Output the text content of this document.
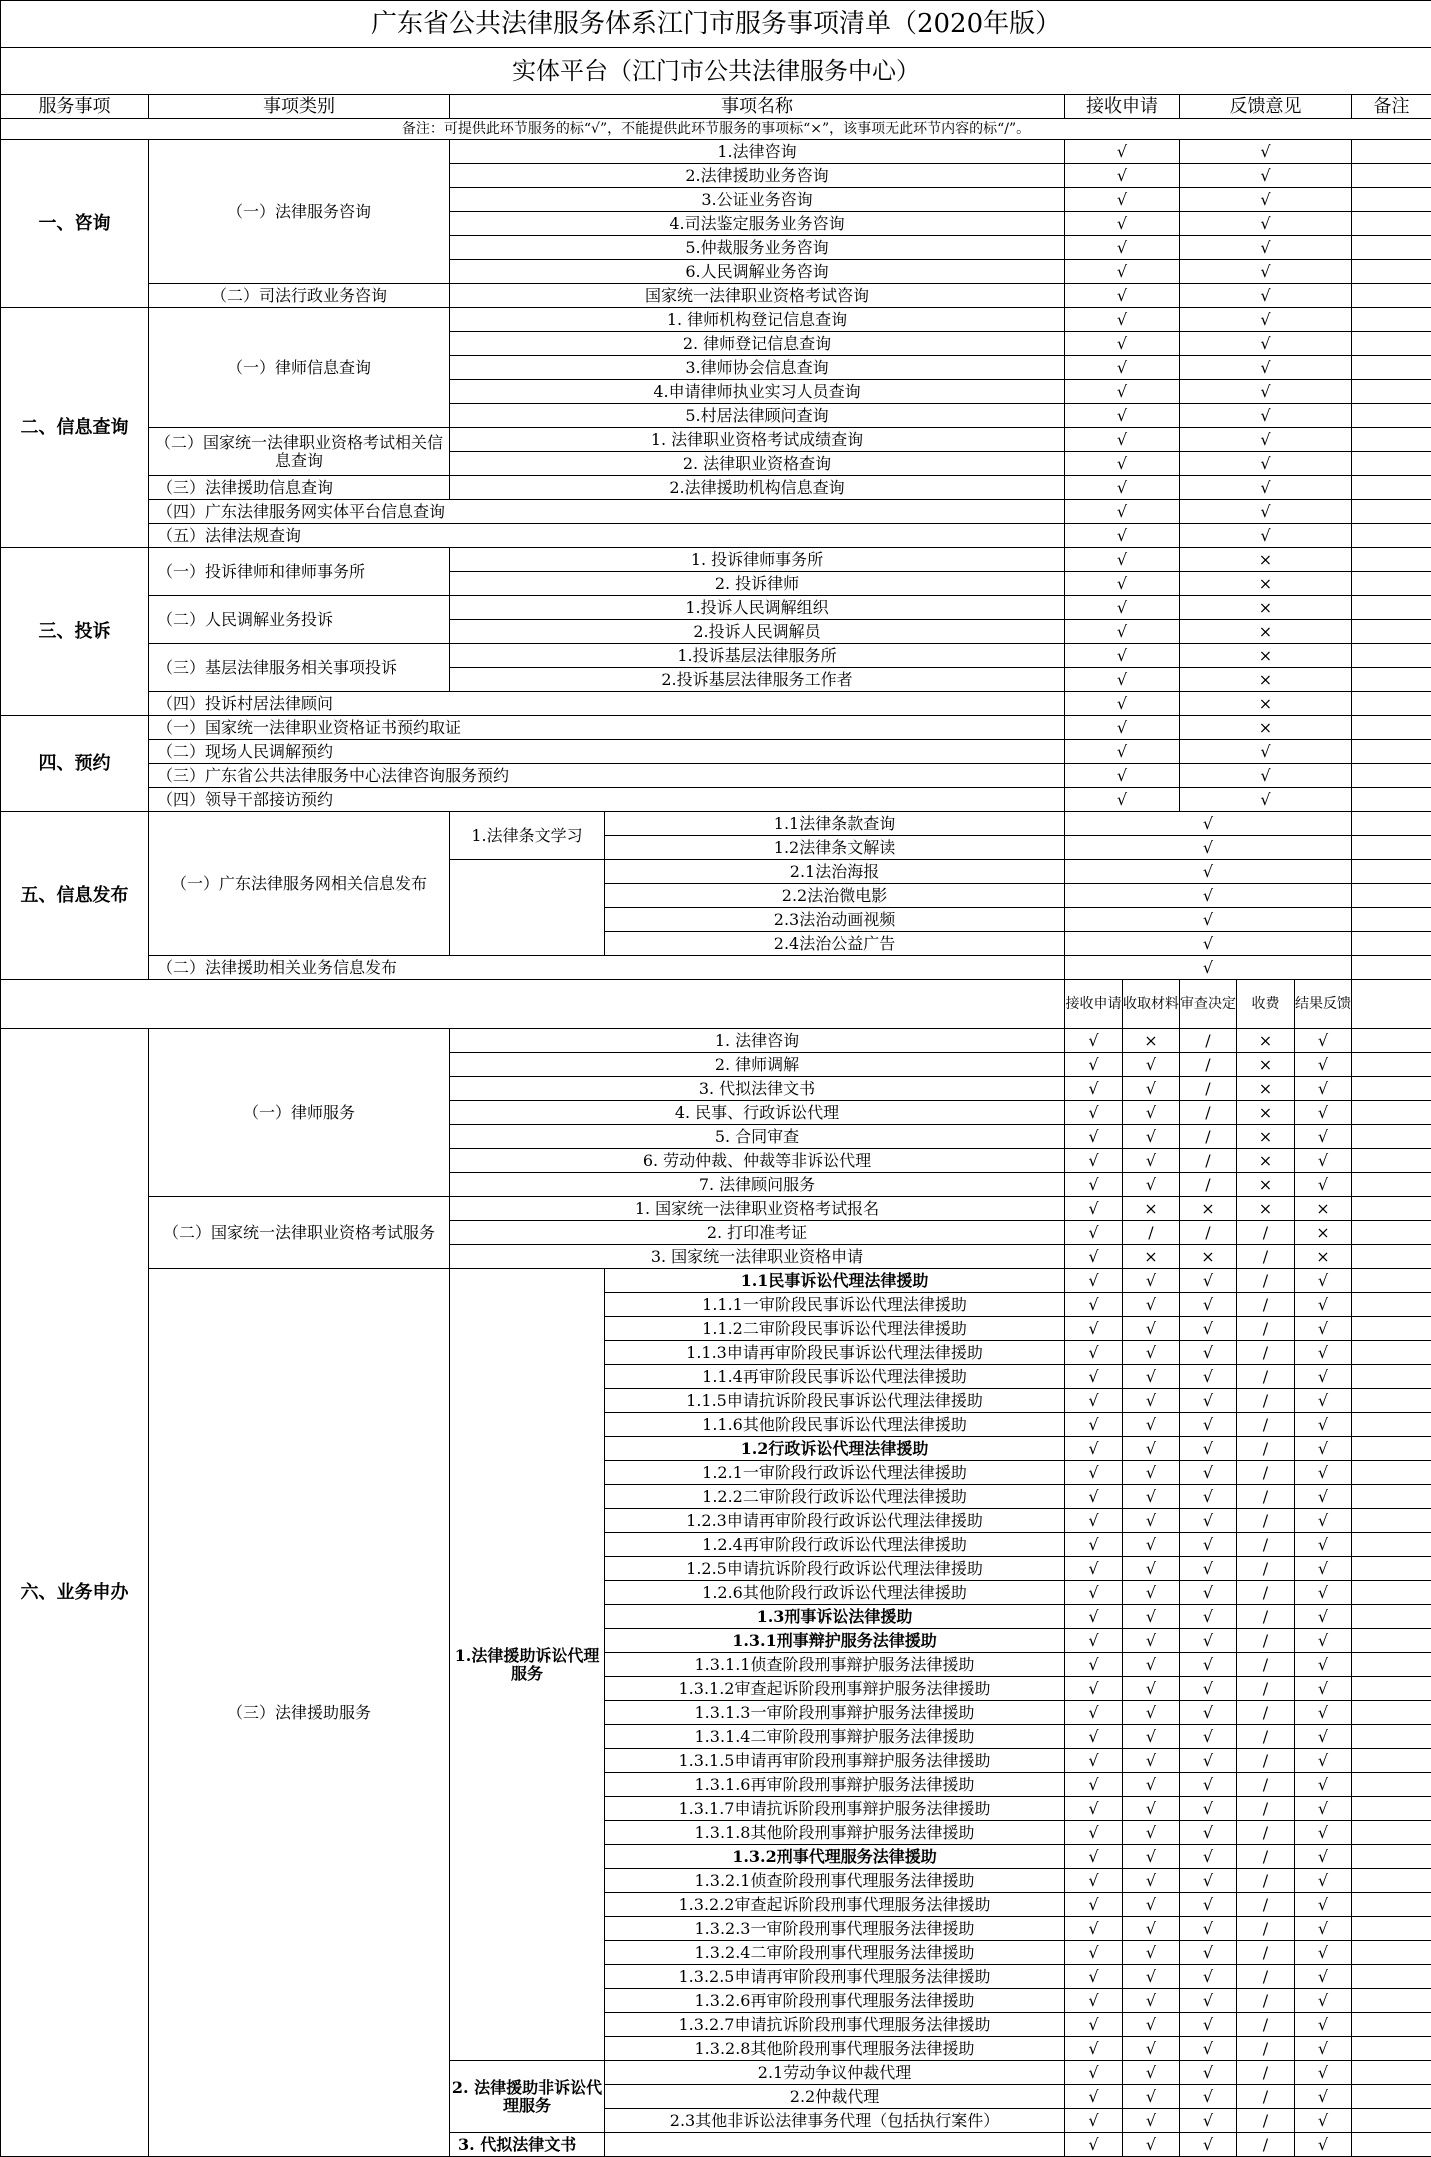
广东省公共法律服务体系江门市服务事项清单（2020年版）									
实体平台（江门市公共法律服务中心）									
服务事项	事项类别	事项名称		接收申请		反馈意见			备注
备注：可提供此环节服务的标“√”，不能提供此环节服务的事项标“×”，该事项无此环节内容的标“/”。									
一、咨询	（一）法律服务咨询	1.法律咨询		√		√			
		2.法律援助业务咨询		√		√			
		3.公证业务咨询		√		√			
		4.司法鉴定服务业务咨询		√		√			
		5.仲裁服务业务咨询		√		√			
		6.人民调解业务咨询		√		√			
	（二）司法行政业务咨询	国家统一法律职业资格考试咨询		√		√			
二、信息查询	（一）律师信息查询	1. 律师机构登记信息查询		√		√			
		2. 律师登记信息查询		√		√			
		3.律师协会信息查询		√		√			
		4.申请律师执业实习人员查询		√		√			
		5.村居法律顾问查询		√		√			
	（二）国家统一法律职业资格考试相关信息查询	1. 法律职业资格考试成绩查询		√		√			
		2. 法律职业资格查询		√		√			
	（三）法律援助信息查询	2.法律援助机构信息查询		√		√			
	（四）广东法律服务网实体平台信息查询			√		√			
	（五）法律法规查询			√		√			
三、投诉	（一）投诉律师和律师事务所	1. 投诉律师事务所		√		×			
		2. 投诉律师		√		×			
	（二）人民调解业务投诉	1.投诉人民调解组织		√		×			
		2.投诉人民调解员		√		×			
	（三）基层法律服务相关事项投诉	1.投诉基层法律服务所		√		×			
		2.投诉基层法律服务工作者		√		×			
	（四）投诉村居法律顾问			√		×			
四、预约	（一）国家统一法律职业资格证书预约取证			√		×			
	（二）现场人民调解预约			√		√			
	（三）广东省公共法律服务中心法律咨询服务预约			√		√			
	（四）领导干部接访预约			√		√			
五、信息发布	（一）广东法律服务网相关信息发布	1.法律条文学习	1.1法律条款查询	√					
			1.2法律条文解读	√					
			2.1法治海报	√					
			2.2法治微电影	√					
			2.3法治动画视频	√					
			2.4法治公益广告	√					
	（二）法律援助相关业务信息发布			√					
				接收申请	收取材料	审查决定	收费	结果反馈	
六、业务申办	（一）律师服务	1. 法律咨询		√	×	/	×	√	
		2. 律师调解		√	√	/	×	√	
		3. 代拟法律文书		√	√	/	×	√	
		4. 民事、行政诉讼代理		√	√	/	×	√	
		5. 合同审查		√	√	/	×	√	
		6. 劳动仲裁、仲裁等非诉讼代理		√	√	/	×	√	
		7. 法律顾问服务		√	√	/	×	√	
	（二）国家统一法律职业资格考试服务	1. 国家统一法律职业资格考试报名		√	×	×	×	×	
		2. 打印准考证		√	/	/	/	×	
		3. 国家统一法律职业资格申请		√	×	×	/	×	
	（三）法律援助服务	1.法律援助诉讼代理服务	1.1民事诉讼代理法律援助	√	√	√	/	√	
			1.1.1一审阶段民事诉讼代理法律援助	√	√	√	/	√	
			1.1.2二审阶段民事诉讼代理法律援助	√	√	√	/	√	
			1.1.3申请再审阶段民事诉讼代理法律援助	√	√	√	/	√	
			1.1.4再审阶段民事诉讼代理法律援助	√	√	√	/	√	
			1.1.5申请抗诉阶段民事诉讼代理法律援助	√	√	√	/	√	
			1.1.6其他阶段民事诉讼代理法律援助	√	√	√	/	√	
			1.2行政诉讼代理法律援助	√	√	√	/	√	
			1.2.1一审阶段行政诉讼代理法律援助	√	√	√	/	√	
			1.2.2二审阶段行政诉讼代理法律援助	√	√	√	/	√	
			1.2.3申请再审阶段行政诉讼代理法律援助	√	√	√	/	√	
			1.2.4再审阶段行政诉讼代理法律援助	√	√	√	/	√	
			1.2.5申请抗诉阶段行政诉讼代理法律援助	√	√	√	/	√	
			1.2.6其他阶段行政诉讼代理法律援助	√	√	√	/	√	
			1.3刑事诉讼法律援助	√	√	√	/	√	
			1.3.1刑事辩护服务法律援助	√	√	√	/	√	
			1.3.1.1侦查阶段刑事辩护服务法律援助	√	√	√	/	√	
			1.3.1.2审查起诉阶段刑事辩护服务法律援助	√	√	√	/	√	
			1.3.1.3一审阶段刑事辩护服务法律援助	√	√	√	/	√	
			1.3.1.4二审阶段刑事辩护服务法律援助	√	√	√	/	√	
			1.3.1.5申请再审阶段刑事辩护服务法律援助	√	√	√	/	√	
			1.3.1.6再审阶段刑事辩护服务法律援助	√	√	√	/	√	
			1.3.1.7申请抗诉阶段刑事辩护服务法律援助	√	√	√	/	√	
			1.3.1.8其他阶段刑事辩护服务法律援助	√	√	√	/	√	
			1.3.2刑事代理服务法律援助	√	√	√	/	√	
			1.3.2.1侦查阶段刑事代理服务法律援助	√	√	√	/	√	
			1.3.2.2审查起诉阶段刑事代理服务法律援助	√	√	√	/	√	
			1.3.2.3一审阶段刑事代理服务法律援助	√	√	√	/	√	
			1.3.2.4二审阶段刑事代理服务法律援助	√	√	√	/	√	
			1.3.2.5申请再审阶段刑事代理服务法律援助	√	√	√	/	√	
			1.3.2.6再审阶段刑事代理服务法律援助	√	√	√	/	√	
			1.3.2.7申请抗诉阶段刑事代理服务法律援助	√	√	√	/	√	
			1.3.2.8其他阶段刑事代理服务法律援助	√	√	√	/	√	
		2. 法律援助非诉讼代理服务	2.1劳动争议仲裁代理	√	√	√	/	√	
			2.2仲裁代理	√	√	√	/	√	
			2.3其他非诉讼法律事务代理（包括执行案件）	√	√	√	/	√	
		3. 代拟法律文书		√	√	√	/	√	
